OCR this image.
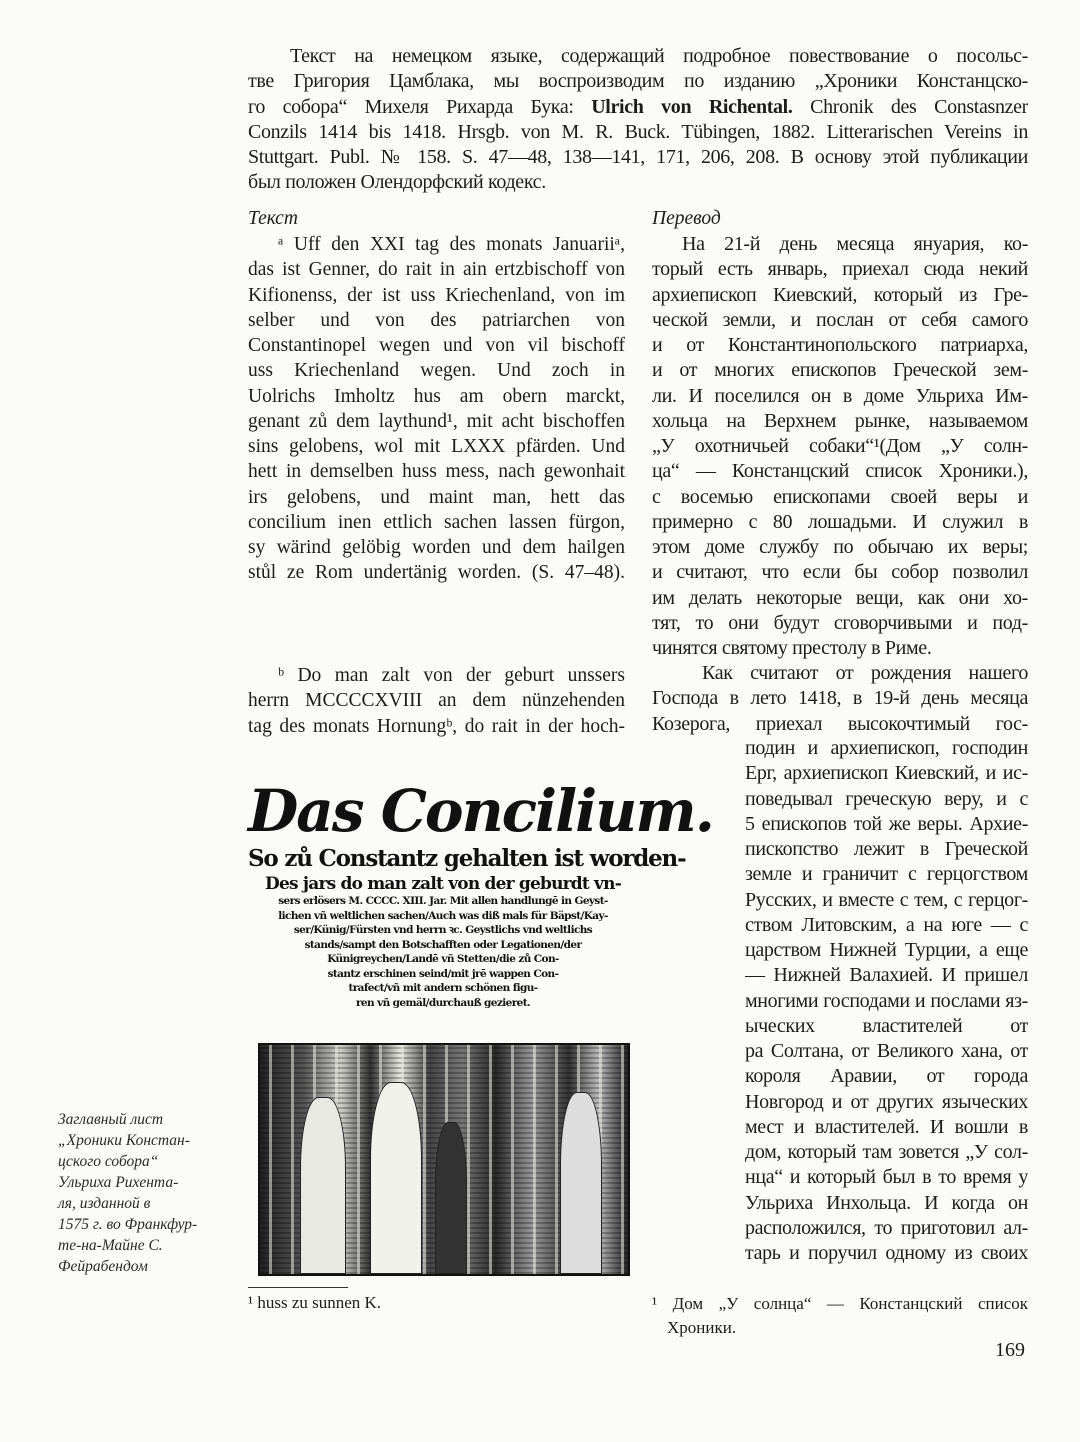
Текст	Перевод
Das Concilium.
So zů Constantz gehalten ist worden-
Des jars do man zalt von der geburdt vn-
sers erlösers M. CCCC. XIII. Jar. Mit allen handlungē in Geyst-
lichen vñ weltlichen sachen/Auch was diß mals für Bäpst/Kay-
ser/Künig/Fürsten vnd herrn ꝛc. Geystlichs vnd weltlichs
stands/sampt den Botschafften oder Legationen/der
Künigreychen/Landē vñ Stetten/die zů Con-
stantz erschinen seind/mit jrē wappen Con-
trafect/vñ mit andern schönen figu-
ren vñ gemäl/durchauß gezieret.
¹ huss zu sunnen K.
169
Текст на немецком языке, содержащий подробное повествование о посольс-
тве Григория Цамблака, мы воспроизводим по изданию „Хроники Констанцско-
го собора“ Михеля Рихарда Бука: Ulrich von Richental. Chronik des Constasnzer
Conzils 1414 bis 1418. Hrsgb. von M. R. Buck. Tübingen, 1882. Litterarischen Vereins in
Stuttgart. Publ. № 158. S. 47—48, 138—141, 171, 206, 208. В основу этой публикации
был положен Олендорфский кодекс.
ᵃ Uff den XXI tag des monats Januariiᵃ,
das ist Genner, do rait in ain ertzbischoff von
Kifionenss, der ist uss Kriechenland, von im
selber und von des patriarchen von
Constantinopel wegen und von vil bischoff
uss Kriechenland wegen. Und zoch in
Uolrichs Imholtz hus am obern marckt,
genant zů dem laythund¹, mit acht bischoffen
sins gelobens, wol mit LXXX pfärden. Und
hett in demselben huss mess, nach gewonhait
irs gelobens, und maint man, hett das
concilium inen ettlich sachen lassen fürgon,
sy wärind gelöbig worden und dem hailgen
stůl ze Rom undertänig worden. (S. 47–48).
ᵇ Do man zalt von der geburt unssers
herrn MCCCCXVIII an dem nünzehenden
tag des monats Hornungᵇ, do rait in der hoch-
На 21-й день месяца януария, ко-
торый есть январь, приехал сюда некий
архиепископ Киевский, который из Гре-
ческой земли, и послан от себя самого
и от Константинопольского патриарха,
и от многих епископов Греческой зем-
ли. И поселился он в доме Ульриха Им-
хольца на Верхнем рынке, называемом
„У охотничьей собаки“¹(Дом „У солн-
ца“ — Констанцский список Хроники.),
с восемью епископами своей веры и
примерно с 80 лошадьми. И служил в
этом доме службу по обычаю их веры;
и считают, что если бы собор позволил
им делать некоторые вещи, как они хо-
тят, то они будут сговорчивыми и под-
чинятся святому престолу в Риме.
Как считают от рождения нашего
Господа в лето 1418, в 19-й день месяца
Козерога, приехал высокочтимый гос-
подин и архиепископ, господин
Ерг, архиепископ Киевский, и ис-
поведывал греческую веру, и с
5 епископов той же веры. Архие-
пископство лежит в Греческой
земле и граничит с герцогством
Русских, и вместе с тем, с герцог-
ством Литовским, а на юге — с
царством Нижней Турции, а еще
— Нижней Валахией. И пришел
многими господами и послами яз-
ыческих властителей от
ра Солтана, от Великого хана, от
короля Аравии, от города
Новгород и от других языческих
мест и властителей. И вошли в
дом, который там зовется „У сол-
нца“ и который был в то время у
Ульриха Инхольца. И когда он
расположился, то приготовил ал-
тарь и поручил одному из своих
¹ Дом „У солнца“ — Констанцский список
Хроники.
Заглавный лист
„Хроники Констан-
цского собора“
Ульриха Рихента-
ля, изданной в
1575 г. во Франкфур-
те-на-Майне С.
Фейрабендом
